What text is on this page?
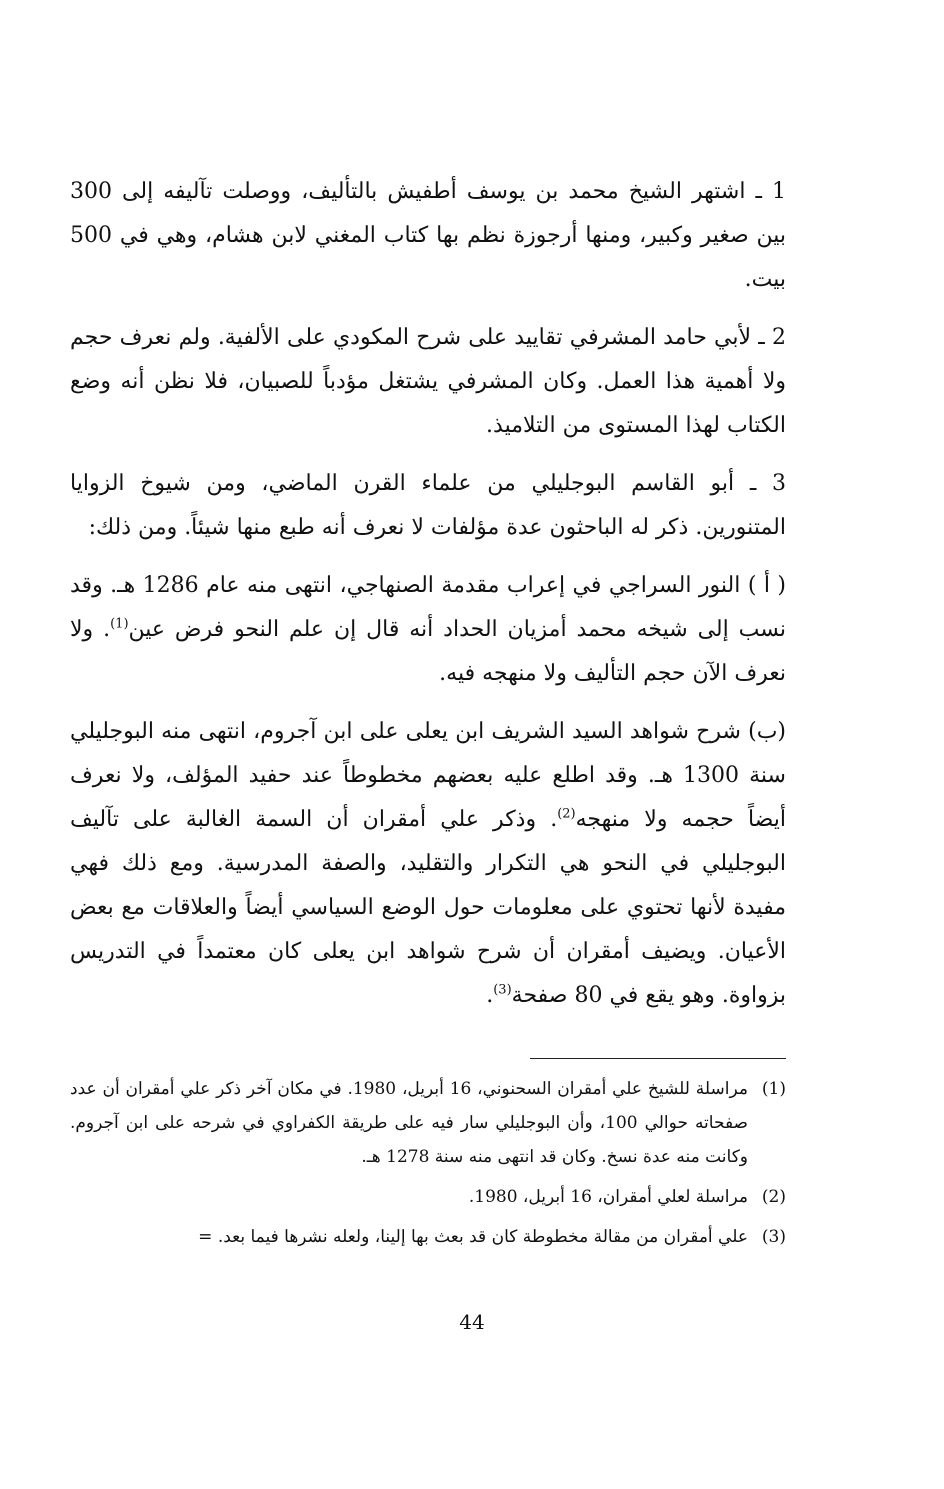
1 ـ اشتهر الشيخ محمد بن يوسف أطفيش بالتأليف، ووصلت تآليفه إلى 300 بين صغير وكبير، ومنها أرجوزة نظم بها كتاب المغني لابن هشام، وهي في 500 بيت.

2 ـ لأبي حامد المشرفي تقاييد على شرح المكودي على الألفية. ولم نعرف حجم ولا أهمية هذا العمل. وكان المشرفي يشتغل مؤدباً للصبيان، فلا نظن أنه وضع الكتاب لهذا المستوى من التلاميذ.

3 ـ أبو القاسم البوجليلي من علماء القرن الماضي، ومن شيوخ الزوايا المتنورين. ذكر له الباحثون عدة مؤلفات لا نعرف أنه طبع منها شيئاً. ومن ذلك:

( أ ) النور السراجي في إعراب مقدمة الصنهاجي، انتهى منه عام 1286 هـ. وقد نسب إلى شيخه محمد أمزيان الحداد أنه قال إن علم النحو فرض عين$^{(1)}$. ولا نعرف الآن حجم التأليف ولا منهجه فيه.

(ب) شرح شواهد السيد الشريف ابن يعلى على ابن آجروم، انتهى منه البوجليلي سنة 1300 هـ. وقد اطلع عليه بعضهم مخطوطاً عند حفيد المؤلف، ولا نعرف أيضاً حجمه ولا منهجه$^{(2)}$. وذكر علي أمقران أن السمة الغالبة على تآليف البوجليلي في النحو هي التكرار والتقليد، والصفة المدرسية. ومع ذلك فهي مفيدة لأنها تحتوي على معلومات حول الوضع السياسي أيضاً والعلاقات مع بعض الأعيان. ويضيف أمقران أن شرح شواهد ابن يعلى كان معتمداً في التدريس بزواوة. وهو يقع في 80 صفحة$^{(3)}$.

(1)
مراسلة للشيخ علي أمقران السحنوني، 16 أبريل، 1980. في مكان آخر ذكر علي أمقران أن عدد صفحاته حوالي 100، وأن البوجليلي سار فيه على طريقة الكفراوي في شرحه على ابن آجروم. وكانت منه عدة نسخ. وكان قد انتهى منه سنة 1278 هـ.
(2)
مراسلة لعلي أمقران، 16 أبريل، 1980.
(3)
علي أمقران من مقالة مخطوطة كان قد بعث بها إلينا، ولعله نشرها فيما بعد. =
44
